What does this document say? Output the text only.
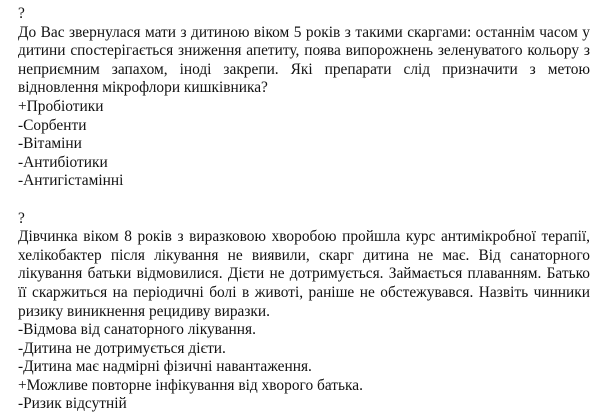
?

До Вас звернулася мати з дитиною віком 5 років з такими скаргами: останнім часом у дитини спостерігається зниження апетиту, поява випорожнень зеленуватого кольору з неприємним запахом, іноді закрепи. Які препарати слід призначити з метою відновлення мікрофлори кишківника?

+Пробіотики
-Сорбенти
-Вітаміни
-Антибіотики
-Антигістамінні
?

Дівчинка віком 8 років з виразковою хворобою пройшла курс антимікробної терапії, хелікобактер після лікування не виявили, скарг дитина не має. Від санаторного лікування батьки відмовилися. Дієти не дотримується. Займається плаванням. Батько її скаржиться на періодичні болі в животі, раніше не обстежувався. Назвіть чинники ризику виникнення рецидиву виразки.

-Відмова від санаторного лікування.
-Дитина не дотримується дієти.
-Дитина має надмірні фізичні навантаження.
+Можливе повторне інфікування від хворого батька.
-Ризик відсутній
